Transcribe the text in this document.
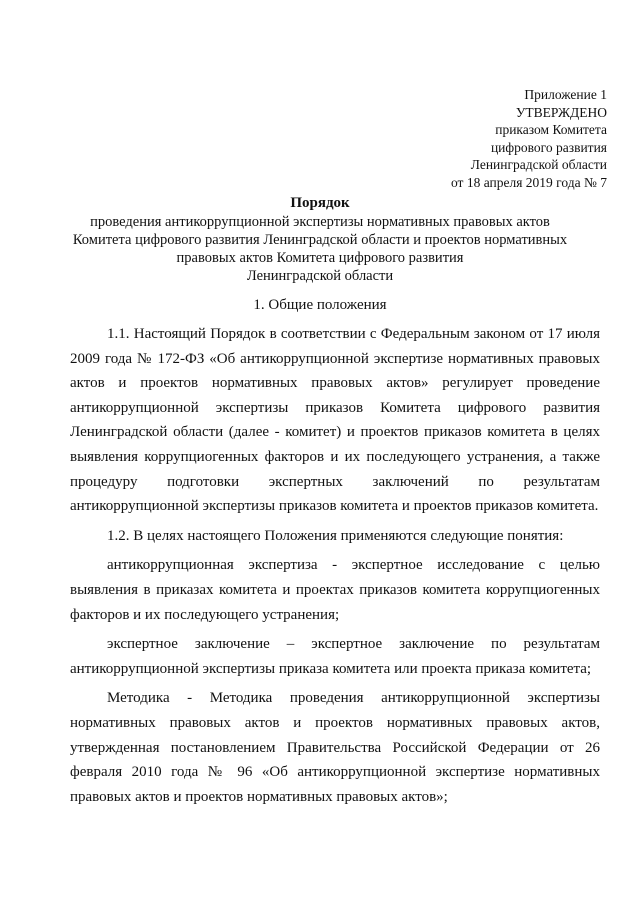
Приложение 1
УТВЕРЖДЕНО
приказом Комитета
цифрового развития
Ленинградской области
от 18 апреля 2019 года № 7
Порядок
проведения антикоррупционной экспертизы нормативных правовых актов
Комитета цифрового развития Ленинградской области и проектов нормативных
правовых актов Комитета цифрового развития
Ленинградской области
1. Общие положения

1.1. Настоящий Порядок в соответствии с Федеральным законом от 17 июля 2009 года № 172-ФЗ «Об антикоррупционной экспертизе нормативных правовых актов и проектов нормативных правовых актов» регулирует проведение антикоррупционной экспертизы приказов Комитета цифрового развития Ленинградской области (далее - комитет) и проектов приказов комитета в целях выявления коррупциогенных факторов и их последующего устранения, а также процедуру подготовки экспертных заключений по результатам антикоррупционной экспертизы приказов комитета и проектов приказов комитета.

1.2. В целях настоящего Положения применяются следующие понятия:

антикоррупционная экспертиза - экспертное исследование с целью выявления в приказах комитета и проектах приказов комитета коррупциогенных факторов и их последующего устранения;

экспертное заключение – экспертное заключение по результатам антикоррупционной экспертизы приказа комитета или проекта приказа комитета;

Методика - Методика проведения антикоррупционной экспертизы нормативных правовых актов и проектов нормативных правовых актов, утвержденная постановлением Правительства Российской Федерации от 26 февраля 2010 года № 96 «Об антикоррупционной экспертизе нормативных правовых актов и проектов нормативных правовых актов»;
